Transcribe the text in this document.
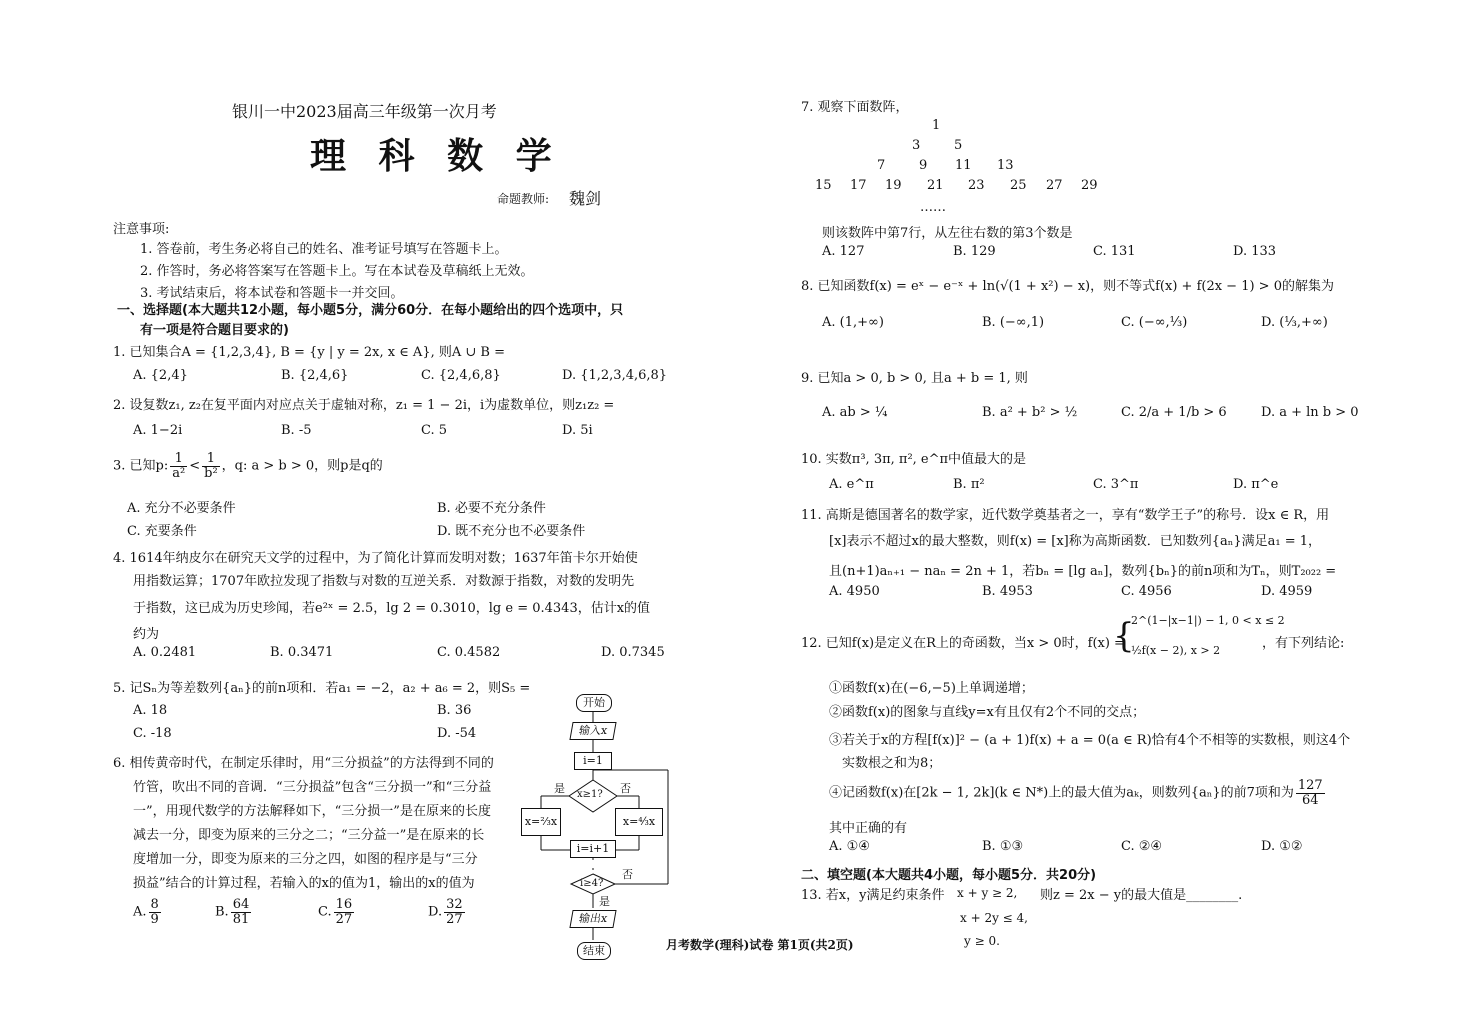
银川一中2023届高三年级第一次月考
理 科 数 学
命题教师: 魏剑
注意事项:
1. 答卷前，考生务必将自己的姓名、准考证号填写在答题卡上。
2. 作答时，务必将答案写在答题卡上。写在本试卷及草稿纸上无效。
3. 考试结束后，将本试卷和答题卡一并交回。
一、选择题(本大题共12小题，每小题5分，满分60分．在每小题给出的四个选项中，只
有一项是符合题目要求的)
1. 已知集合A = {1,2,3,4}, B = {y | y = 2x, x ∈ A}, 则A ∪ B =
A. {2,4}	B. {2,4,6}	C. {2,4,6,8}	D. {1,2,3,4,6,8}
2. 设复数z₁, z₂在复平面内对应点关于虚轴对称，z₁ = 1 − 2i，i为虚数单位，则z₁z₂ =
A. 1−2i	B. -5	C. 5	D. 5i
3. 已知p: $\frac{1}{\text{a²}} < \frac{1}{\text{b²}}$ ，q: a > b > 0，则p是q的
A. 充分不必要条件	B. 必要不充分条件
C. 充要条件	D. 既不充分也不必要条件
4. 1614年纳皮尔在研究天文学的过程中，为了简化计算而发明对数；1637年笛卡尔开始使
用指数运算；1707年欧拉发现了指数与对数的互逆关系．对数源于指数，对数的发明先
于指数，这已成为历史珍闻，若e²ˣ = 2.5，lg 2 = 0.3010，lg e = 0.4343，估计x的值
约为
A. 0.2481	B. 0.3471	C. 0.4582	D. 0.7345
5. 记Sₙ为等差数列{aₙ}的前n项和．若a₁ = −2，a₂ + a₆ = 2，则S₅ =
A. 18	B. 36
C. -18	D. -54
6. 相传黄帝时代，在制定乐律时，用“三分损益”的方法得到不同的
竹管，吹出不同的音调．“三分损益”包含“三分损一”和“三分益
一”，用现代数学的方法解释如下，“三分损一”是在原来的长度
减去一分，即变为原来的三分之二；“三分益一”是在原来的长
度增加一分，即变为原来的三分之四，如图的程序是与“三分
损益”结合的计算过程，若输入的x的值为1，输出的x的值为
A. $\frac{8}{9}$	B. $\frac{64}{81}$	C. $\frac{16}{27}$	D. $\frac{32}{27}$
开始
输入x
i=1
x≥1?
是	否
x=⅔x	x=⁴⁄₃x
i=i+1
i≥4?
否
是
输出x
结束
7. 观察下面数阵，
1
3	5
7	9 11 13
15 17 19 21 23 25 27 29
……
则该数阵中第7行，从左往右数的第3个数是
A. 127	B. 129	C. 131	D. 133
8. 已知函数f(x) = eˣ − e⁻ˣ + ln(√(1 + x²) − x)，则不等式f(x) + f(2x − 1) > 0的解集为
A. (1,+∞)	B. (−∞,1)	C. (−∞,⅓)	D. (⅓,+∞)
9. 已知a > 0, b > 0, 且a + b = 1, 则
A. ab > ¼	B. a² + b² > ½	C. 2/a + 1/b > 6	D. a + ln b > 0
10. 实数π³, 3π, π², e^π中值最大的是
A. e^π	B. π²	C. 3^π	D. π^e
11. 高斯是德国著名的数学家，近代数学奠基者之一，享有“数学王子”的称号．设x ∈ R，用
[x]表示不超过x的最大整数，则f(x) = [x]称为高斯函数．已知数列{aₙ}满足a₁ = 1，
且(n+1)aₙ₊₁ − naₙ = 2n + 1，若bₙ = [lg aₙ]，数列{bₙ}的前n项和为Tₙ，则T₂₀₂₂ =
A. 4950	B. 4953	C. 4956	D. 4959
12. 已知f(x)是定义在R上的奇函数，当x > 0时，f(x) =
{
2^(1−|x−1|) − 1, 0 < x ≤ 2
½f(x − 2), x > 2	，有下列结论:
①函数f(x)在(−6,−5)上单调递增；
②函数f(x)的图象与直线y=x有且仅有2个不同的交点；
③若关于x的方程[f(x)]² − (a + 1)f(x) + a = 0(a ∈ R)恰有4个不相等的实数根，则这4个
实数根之和为8；
④记函数f(x)在[2k − 1, 2k](k ∈ N*)上的最大值为aₖ，则数列{aₙ}的前7项和为 $\frac{127}{64}$
其中正确的有
A. ①④	B. ①③	C. ②④	D. ①②
二、填空题(本大题共4小题，每小题5分．共20分)
13. 若x，y满足约束条件 x + y ≥ 2,
x + 2y ≤ 4,
y ≥ 0.
则z = 2x − y的最大值是________.
月考数学(理科)试卷 第1页(共2页)
